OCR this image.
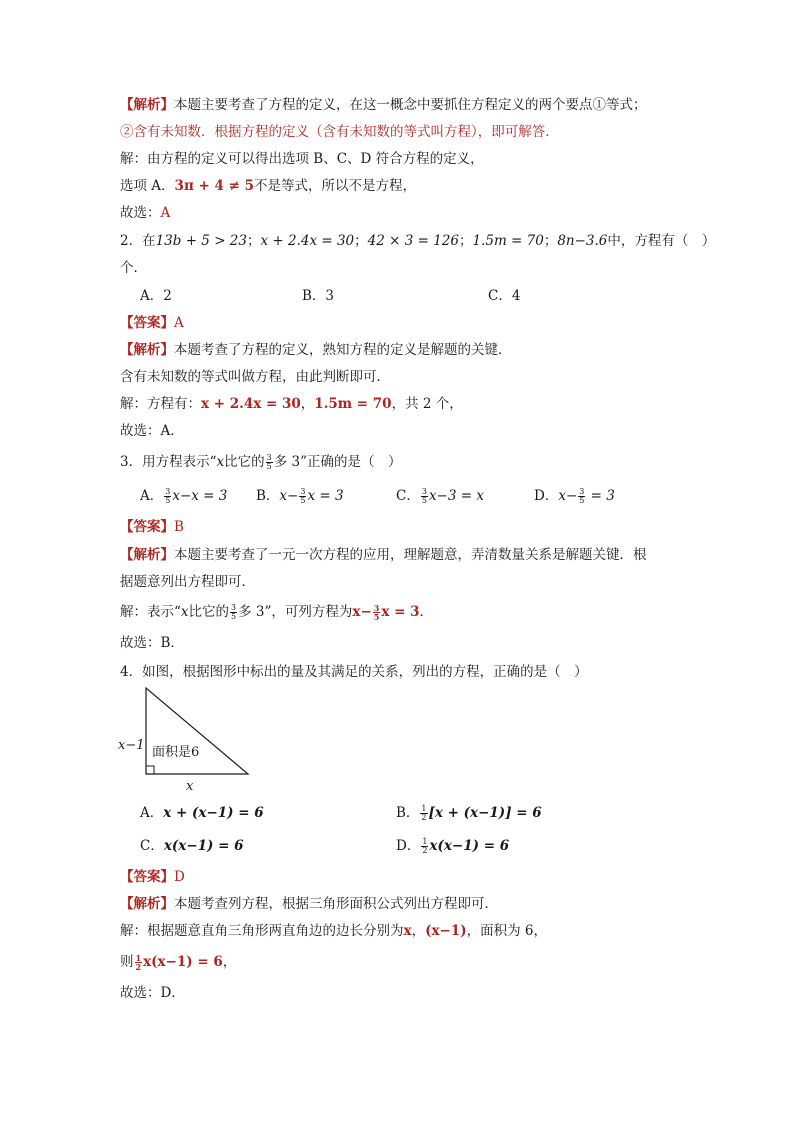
【解析】本题主要考查了方程的定义，在这一概念中要抓住方程定义的两个要点①等式；
②含有未知数．根据方程的定义（含有未知数的等式叫方程），即可解答．
解：由方程的定义可以得出选项 B、C、D 符合方程的定义，
选项 A．3π + 4 ≠ 5不是等式，所以不是方程，
故选：A
2．在13b + 5 > 23；x + 2.4x = 30；42 × 3 = 126；1.5m = 70；8n−3.6中，方程有（　）
个．
A．2	B．3	C．4
【答案】A
【解析】本题考查了方程的定义，熟知方程的定义是解题的关键．
含有未知数的等式叫做方程，由此判断即可．
解：方程有：x + 2.4x = 30，1.5m = 70，共 2 个，
故选：A．
3．用方程表示“x比它的 $\frac{3}{5}$ 多 3”正确的是（　）
A． $\frac{3}{5} x-x = 3$ B．$x- \frac{3}{5}$ x = 3	C． $\frac{3}{5} x-3 = x$	D．$x- \frac{3}{5} = 3$
【答案】B
【解析】本题主要考查了一元一次方程的应用，理解题意，弄清数量关系是解题关键．根
据题意列出方程即可．
解：表示“x比它的 $\frac{3}{5}$ 多 3”，可列方程为$x- \frac{3}{5}$ x = 3．
故选：B．
4．如图，根据图形中标出的量及其满足的关系，列出的方程，正确的是（　）
x−1 面积是6
x
A．x + (x−1) = 6	B． $\frac{1}{2} [x + (x-1)] = 6$
C．x(x−1) = 6	D． $\frac{1}{2} x(x-1) = 6$
【答案】D
【解析】本题考查列方程，根据三角形面积公式列出方程即可．
解：根据题意直角三角形两直角边的边长分别为x，(x−1)，面积为 6，
则 $\frac{1}{2} x(x-1) = 6$，
故选：D．
